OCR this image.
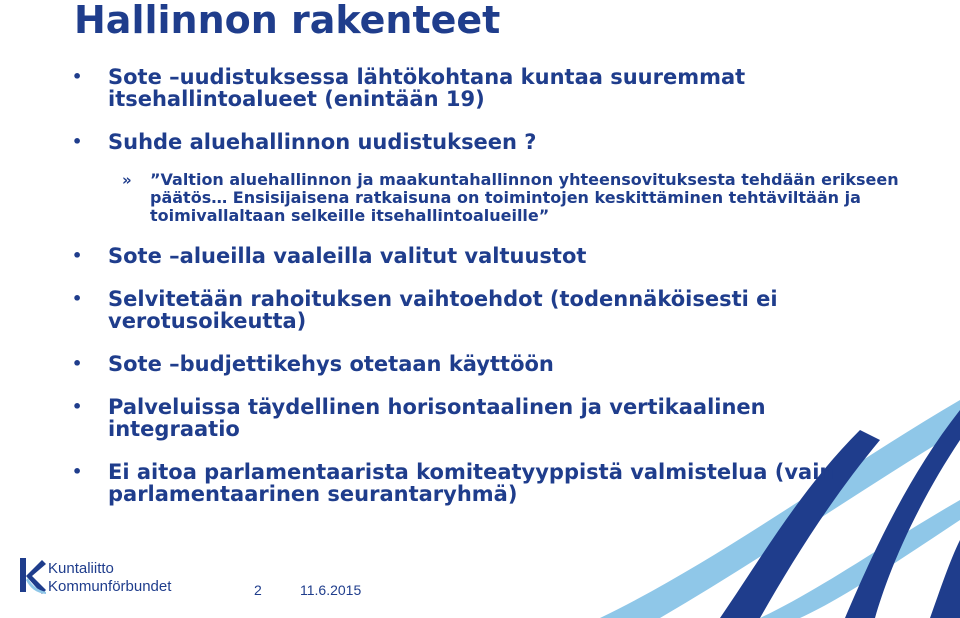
Hallinnon rakenteet
• Sote –uudistuksessa lähtökohtana kuntaa suuremmat itsehallintoalueet (enintään 19)
• Suhde aluehallinnon uudistukseen ?
» ”Valtion aluehallinnon ja maakuntahallinnon yhteensovituksesta tehdään erikseen päätös… Ensisijaisena ratkaisuna on toimintojen keskittäminen tehtäviltään ja toimivallaltaan selkeille itsehallintoalueille”
• Sote –alueilla vaaleilla valitut valtuustot
• Selvitetään rahoituksen vaihtoehdot (todennäköisesti ei verotusoikeutta)
• Sote –budjettikehys otetaan käyttöön
• Palveluissa täydellinen horisontaalinen ja vertikaalinen integraatio
• Ei aitoa parlamentaarista komiteatyyppistä valmistelua (vain parlamentaarinen seurantaryhmä)
Kuntaliitto
Kommunförbundet	2	11.6.2015
